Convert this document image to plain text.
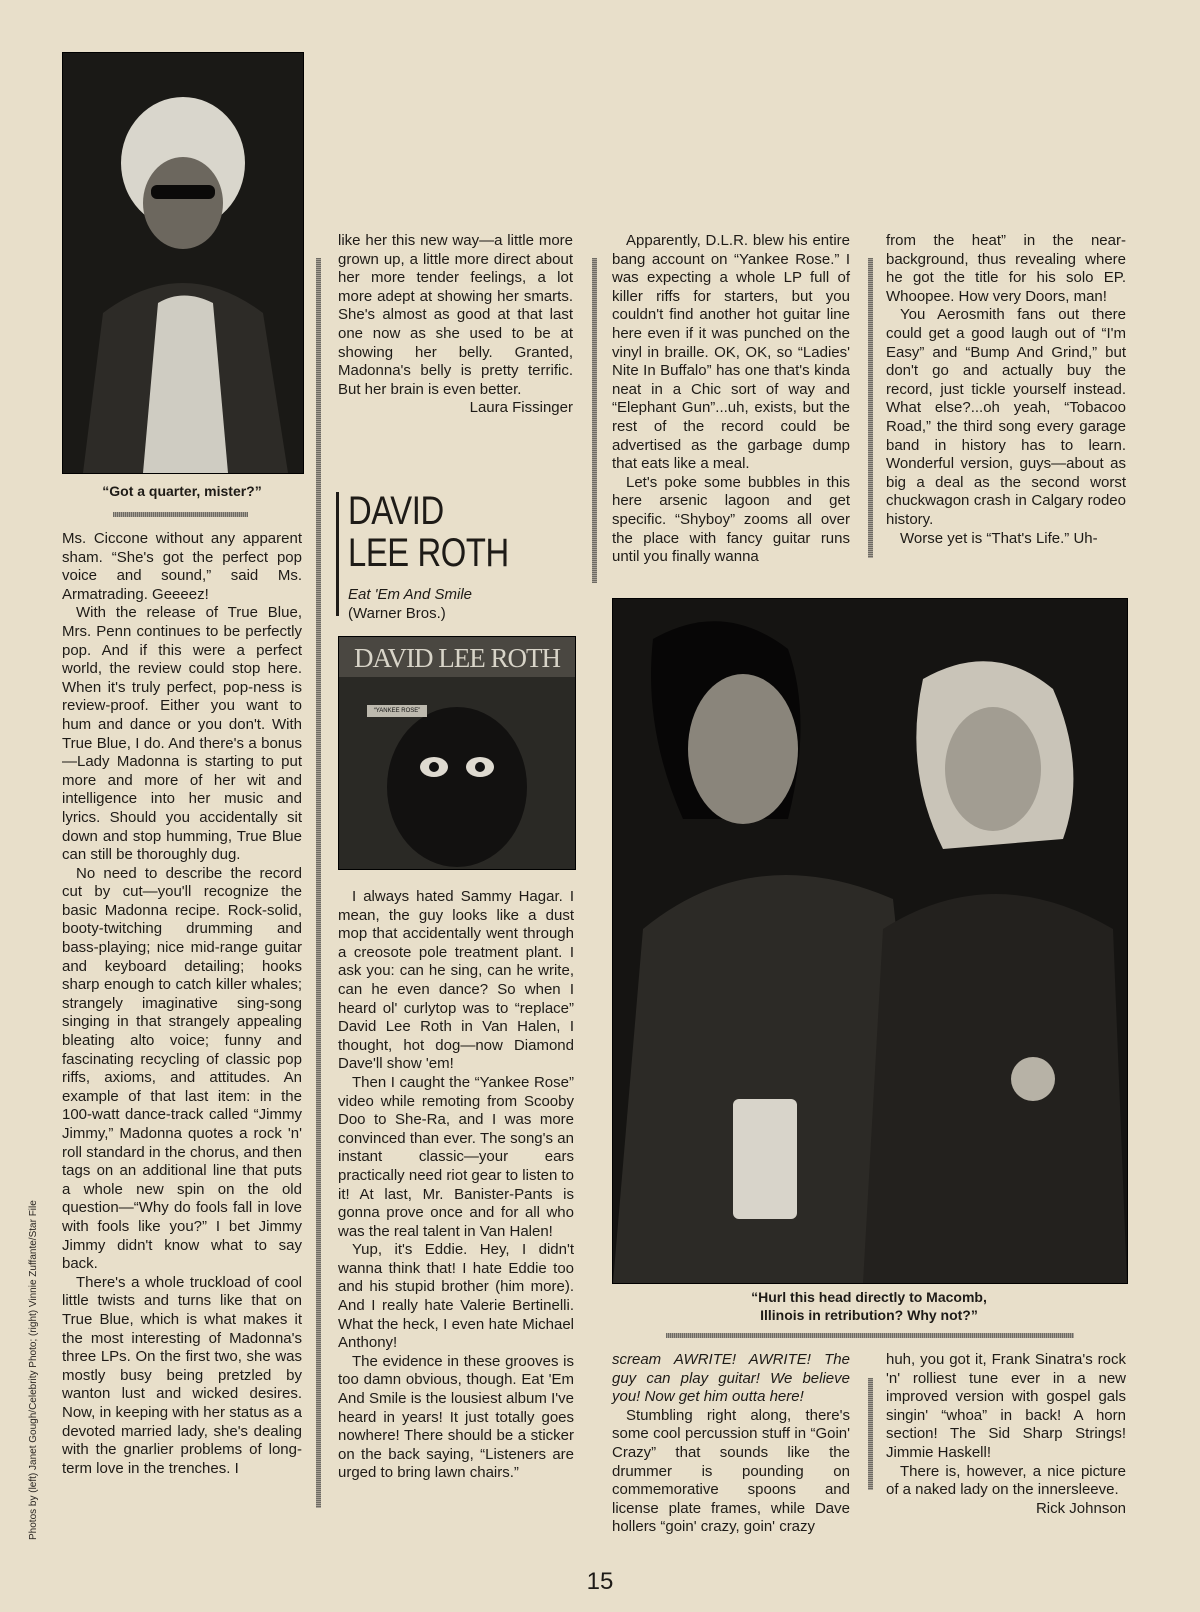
Photos by (left) Janet Gough/Celebrity Photo; (right) Vinnie Zuffante/Star File
“Got a quarter, mister?”

Ms. Ciccone without any apparent sham. “She's got the perfect pop voice and sound,” said Ms. Armatrading. Geeeez!

With the release of True Blue, Mrs. Penn continues to be perfectly pop. And if this were a perfect world, the review could stop here. When it's truly perfect, pop-ness is review-proof. Either you want to hum and dance or you don't. With True Blue, I do. And there's a bonus—Lady Madonna is starting to put more and more of her wit and intelligence into her music and lyrics. Should you accidentally sit down and stop humming, True Blue can still be thoroughly dug.

No need to describe the record cut by cut—you'll recognize the basic Madonna recipe. Rock-solid, booty-twitching drumming and bass-playing; nice mid-range guitar and keyboard detailing; hooks sharp enough to catch killer whales; strangely imaginative sing-song singing in that strangely appealing bleating alto voice; funny and fascinating recycling of classic pop riffs, axioms, and attitudes. An example of that last item: in the 100-watt dance-track called “Jimmy Jimmy,” Madonna quotes a rock 'n' roll standard in the chorus, and then tags on an additional line that puts a whole new spin on the old question—“Why do fools fall in love with fools like you?” I bet Jimmy Jimmy didn't know what to say back.

There's a whole truckload of cool little twists and turns like that on True Blue, which is what makes it the most interesting of Madonna's three LPs. On the first two, she was mostly busy being pretzled by wanton lust and wicked desires. Now, in keeping with her status as a devoted married lady, she's dealing with the gnarlier problems of long-term love in the trenches. I

like her this new way—a little more grown up, a little more direct about her more tender feelings, a lot more adept at showing her smarts. She's almost as good at that last one now as she used to be at showing her belly. Granted, Madonna's belly is pretty terrific. But her brain is even better.

Laura Fissinger

DAVID
LEE ROTH
Eat 'Em And Smile
(Warner Bros.)
DAVID LEE ROTH
“YANKEE ROSE”

I always hated Sammy Hagar. I mean, the guy looks like a dust mop that accidentally went through a creosote pole treatment plant. I ask you: can he sing, can he write, can he even dance? So when I heard ol' curlytop was to “replace” David Lee Roth in Van Halen, I thought, hot dog—now Diamond Dave'll show 'em!

Then I caught the “Yankee Rose” video while remoting from Scooby Doo to She-Ra, and I was more convinced than ever. The song's an instant classic—your ears practically need riot gear to listen to it! At last, Mr. Banister-Pants is gonna prove once and for all who was the real talent in Van Halen!

Yup, it's Eddie. Hey, I didn't wanna think that! I hate Eddie too and his stupid brother (him more). And I really hate Valerie Bertinelli. What the heck, I even hate Michael Anthony!

The evidence in these grooves is too damn obvious, though. Eat 'Em And Smile is the lousiest album I've heard in years! It just totally goes nowhere! There should be a sticker on the back saying, “Listeners are urged to bring lawn chairs.”

Apparently, D.L.R. blew his entire bang account on “Yankee Rose.” I was expecting a whole LP full of killer riffs for starters, but you couldn't find another hot guitar line here even if it was punched on the vinyl in braille. OK, OK, so “Ladies' Nite In Buffalo” has one that's kinda neat in a Chic sort of way and “Elephant Gun”...uh, exists, but the rest of the record could be advertised as the garbage dump that eats like a meal.

Let's poke some bubbles in this here arsenic lagoon and get specific. “Shyboy” zooms all over the place with fancy guitar runs until you finally wanna

from the heat” in the near-background, thus revealing where he got the title for his solo EP. Whoopee. How very Doors, man!

You Aerosmith fans out there could get a good laugh out of “I'm Easy” and “Bump And Grind,” but don't go and actually buy the record, just tickle yourself instead. What else?...oh yeah, “Tobacoo Road,” the third song every garage band in history has to learn. Wonderful version, guys—about as big a deal as the second worst chuckwagon crash in Calgary rodeo history.

Worse yet is “That's Life.” Uh-

“Hurl this head directly to Macomb,
Illinois in retribution? Why not?”

scream AWRITE! AWRITE! The guy can play guitar! We believe you! Now get him outta here!

Stumbling right along, there's some cool percussion stuff in “Goin' Crazy” that sounds like the drummer is pounding on commemorative spoons and license plate frames, while Dave hollers “goin' crazy, goin' crazy

huh, you got it, Frank Sinatra's rock 'n' rolliest tune ever in a new improved version with gospel gals singin' “whoa” in back! A horn section! The Sid Sharp Strings! Jimmie Haskell!

There is, however, a nice picture of a naked lady on the innersleeve.

Rick Johnson

15
